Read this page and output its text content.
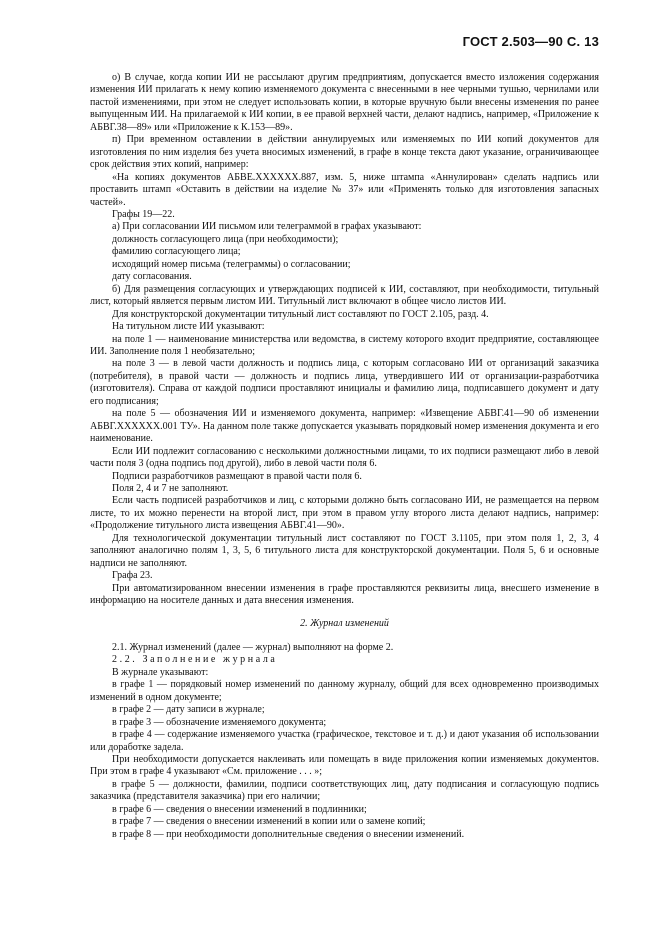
ГОСТ 2.503—90 С. 13

о) В случае, когда копии ИИ не рассылают другим предприятиям, допускается вместо изложения содержания изменения ИИ прилагать к нему копию изменяемого документа с внесенными в нее черными тушью, чернилами или пастой изменениями, при этом не следует использовать копии, в которые вручную были внесены изменения по ранее выпущенным ИИ. На прилагаемой к ИИ копии, в ее правой верхней части, делают надпись, например, «Приложение к АБВГ.38—89» или «Приложение к К.153—89».

п) При временном оставлении в действии аннулируемых или изменяемых по ИИ копий документов для изготовления по ним изделия без учета вносимых изменений, в графе в конце текста дают указание, ограничивающее срок действия этих копий, например:

«На копиях документов АБВЕ.XXXXXX.887, изм. 5, ниже штампа «Аннулирован» сделать надпись или проставить штамп «Оставить в действии на изделие № 37» или «Применять только для изготовления запасных частей».

Графы 19—22.

а) При согласовании ИИ письмом или телеграммой в графах указывают:

должность согласующего лица (при необходимости);

фамилию согласующего лица;

исходящий номер письма (телеграммы) о согласовании;

дату согласования.

б) Для размещения согласующих и утверждающих подписей к ИИ, составляют, при необходимости, титульный лист, который является первым листом ИИ. Титульный лист включают в общее число листов ИИ.

Для конструкторской документации титульный лист составляют по ГОСТ 2.105, разд. 4.

На титульном листе ИИ указывают:

на поле 1 — наименование министерства или ведомства, в систему которого входит предприятие, составляющее ИИ. Заполнение поля 1 необязательно;

на поле 3 — в левой части должность и подпись лица, с которым согласовано ИИ от организаций заказчика (потребителя), в правой части — должность и подпись лица, утвердившего ИИ от организации-разработчика (изготовителя). Справа от каждой подписи проставляют инициалы и фамилию лица, подписавшего документ и дату его подписания;

на поле 5 — обозначения ИИ и изменяемого документа, например: «Извещение АБВГ.41—90 об изменении АБВГ.XXXXXX.001 ТУ». На данном поле также допускается указывать порядковый номер изменения документа и его наименование.

Если ИИ подлежит согласованию с несколькими должностными лицами, то их подписи размещают либо в левой части поля 3 (одна подпись под другой), либо в левой части поля 6.

Подписи разработчиков размещают в правой части поля 6.

Поля 2, 4 и 7 не заполняют.

Если часть подписей разработчиков и лиц, с которыми должно быть согласовано ИИ, не размещается на первом листе, то их можно перенести на второй лист, при этом в правом углу второго листа делают надпись, например: «Продолжение титульного листа извещения АБВГ.41—90».

Для технологической документации титульный лист составляют по ГОСТ 3.1105, при этом поля 1, 2, 3, 4 заполняют аналогично полям 1, 3, 5, 6 титульного листа для конструкторской документации. Поля 5, 6 и основные надписи не заполняют.

Графа 23.

При автоматизированном внесении изменения в графе проставляются реквизиты лица, внесшего изменение в информацию на носителе данных и дата внесения изменения.

2. Журнал изменений

2.1. Журнал изменений (далее — журнал) выполняют на форме 2.

2.2. Заполнение журнала

В журнале указывают:

в графе 1 — порядковый номер изменений по данному журналу, общий для всех одновременно производимых изменений в одном документе;

в графе 2 — дату записи в журнале;

в графе 3 — обозначение изменяемого документа;

в графе 4 — содержание изменяемого участка (графическое, текстовое и т. д.) и дают указания об использовании или доработке задела.

При необходимости допускается наклеивать или помещать в виде приложения копии изменяемых документов. При этом в графе 4 указывают «См. приложение . . . »;

в графе 5 — должности, фамилии, подписи соответствующих лиц, дату подписания и согласующую подпись заказчика (представителя заказчика) при его наличии;

в графе 6 — сведения о внесении изменений в подлинники;

в графе 7 — сведения о внесении изменений в копии или о замене копий;

в графе 8 — при необходимости дополнительные сведения о внесении изменений.
